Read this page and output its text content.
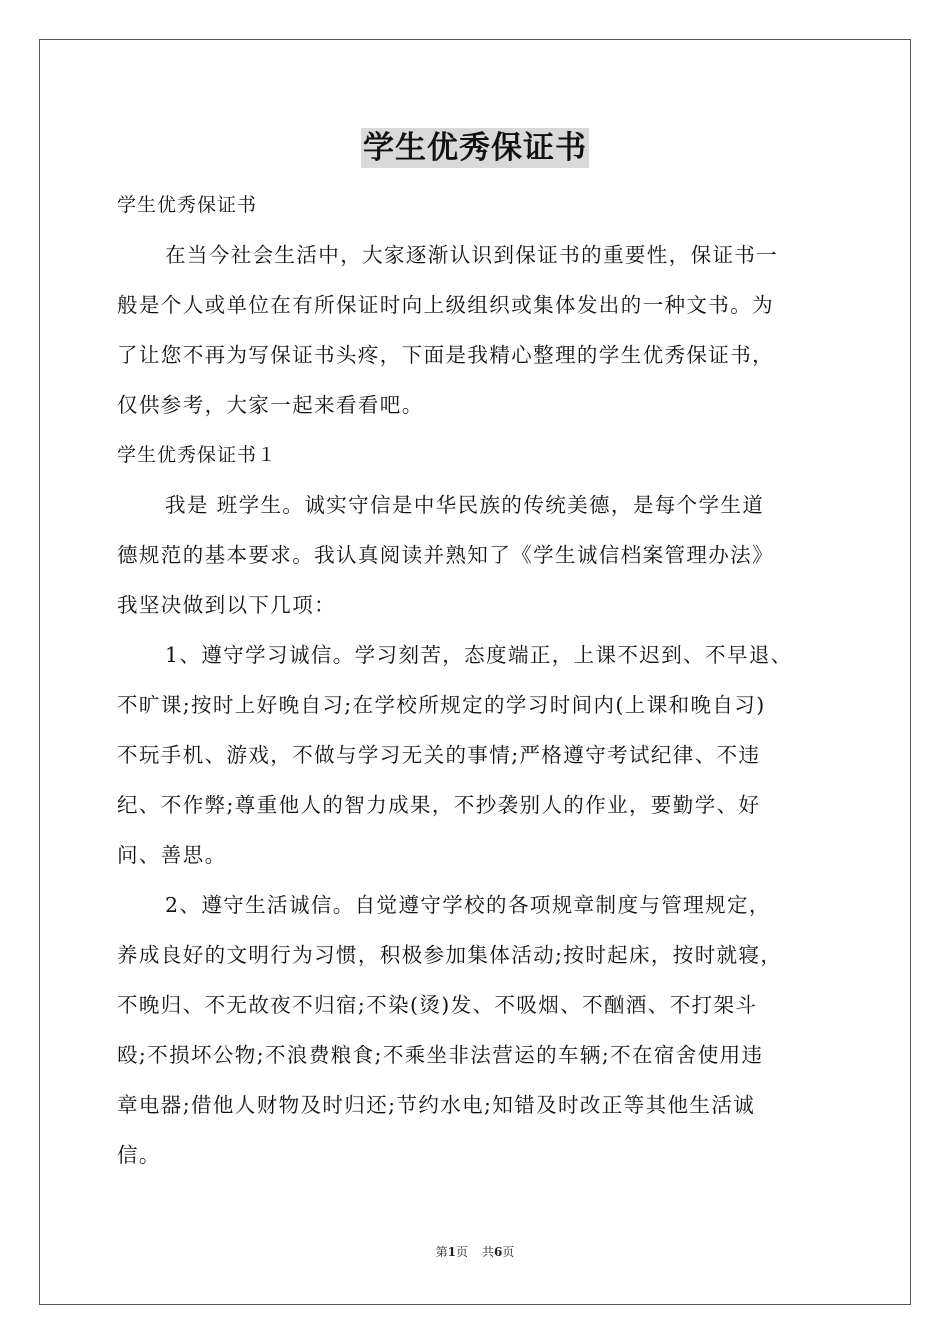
学生优秀保证书

学生优秀保证书

在当今社会生活中，大家逐渐认识到保证书的重要性，保证书一

般是个人或单位在有所保证时向上级组织或集体发出的一种文书。为

了让您不再为写保证书头疼，下面是我精心整理的学生优秀保证书，

仅供参考，大家一起来看看吧。

学生优秀保证书１

我是 班学生。诚实守信是中华民族的传统美德，是每个学生道

德规范的基本要求。我认真阅读并熟知了《学生诚信档案管理办法》

我坚决做到以下几项：

1、遵守学习诚信。学习刻苦，态度端正，上课不迟到、不早退、

不旷课;按时上好晚自习;在学校所规定的学习时间内(上课和晚自习)

不玩手机、游戏，不做与学习无关的事情;严格遵守考试纪律、不违

纪、不作弊;尊重他人的智力成果，不抄袭别人的作业，要勤学、好

问、善思。

2、遵守生活诚信。自觉遵守学校的各项规章制度与管理规定，

养成良好的文明行为习惯，积极参加集体活动;按时起床，按时就寝，

不晚归、不无故夜不归宿;不染(烫)发、不吸烟、不酗酒、不打架斗

殴;不损坏公物;不浪费粮食;不乘坐非法营运的车辆;不在宿舍使用违

章电器;借他人财物及时归还;节约水电;知错及时改正等其他生活诚

信。

第1页 共6页
